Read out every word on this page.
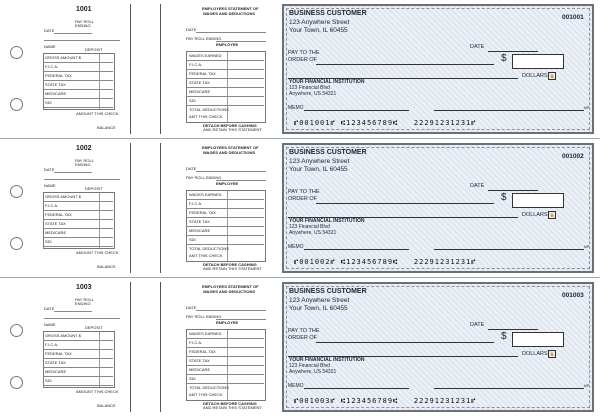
1001
PAY ROLL
ENDING
DATE
NAME
DEPOSIT
GROSS AMOUNT $
F.I.C.A.
FEDERAL TAX
STATE TAX
MEDICARE
SDI
AMOUNT THIS CHECK
BALANCE
EMPLOYEES STATEMENT OF
WAGES AND DEDUCTIONS
DATE
PAY ROLL ENDING
EMPLOYEE
WAGES EARNED
F.I.C.A.
FEDERAL TAX
STATE TAX
MEDICARE
SDI
TOTAL DEDUCTIONS
AMT THIS CHECK
DETACH BEFORE CASHING
AND RETAIN THIS STATEMENT
BUSINESS CUSTOMER
123 Anywhere Street
Your Town, IL 60455
001001
DATE
PAY TO THE
ORDER OF	$
DOLLARS 🔒
YOUR FINANCIAL INSTITUTION
123 Financial Blvd
Anywhere, US 54321
MEMO	MP
⑈001001⑈ ⑆123456789⑆ 22291231231⑈
1002
PAY ROLL
ENDING
DATE
NAME
DEPOSIT
GROSS AMOUNT $
F.I.C.A.
FEDERAL TAX
STATE TAX
MEDICARE
SDI
AMOUNT THIS CHECK
BALANCE
EMPLOYEES STATEMENT OF
WAGES AND DEDUCTIONS
DATE
PAY ROLL ENDING
EMPLOYEE
WAGES EARNED
F.I.C.A.
FEDERAL TAX
STATE TAX
MEDICARE
SDI
TOTAL DEDUCTIONS
AMT THIS CHECK
DETACH BEFORE CASHING
AND RETAIN THIS STATEMENT
BUSINESS CUSTOMER
123 Anywhere Street
Your Town, IL 60455
001002
DATE
PAY TO THE
ORDER OF	$
DOLLARS 🔒
YOUR FINANCIAL INSTITUTION
123 Financial Blvd
Anywhere, US 54321
MEMO	MP
⑈001002⑈ ⑆123456789⑆ 22291231231⑈
1003
PAY ROLL
ENDING
DATE
NAME
DEPOSIT
GROSS AMOUNT $
F.I.C.A.
FEDERAL TAX
STATE TAX
MEDICARE
SDI
AMOUNT THIS CHECK
BALANCE
EMPLOYEES STATEMENT OF
WAGES AND DEDUCTIONS
DATE
PAY ROLL ENDING
EMPLOYEE
WAGES EARNED
F.I.C.A.
FEDERAL TAX
STATE TAX
MEDICARE
SDI
TOTAL DEDUCTIONS
AMT THIS CHECK
DETACH BEFORE CASHING
AND RETAIN THIS STATEMENT
BUSINESS CUSTOMER
123 Anywhere Street
Your Town, IL 60455
001003
DATE
PAY TO THE
ORDER OF	$
DOLLARS 🔒
YOUR FINANCIAL INSTITUTION
123 Financial Blvd
Anywhere, US 54321
MEMO	MP
⑈001003⑈ ⑆123456789⑆ 22291231231⑈
